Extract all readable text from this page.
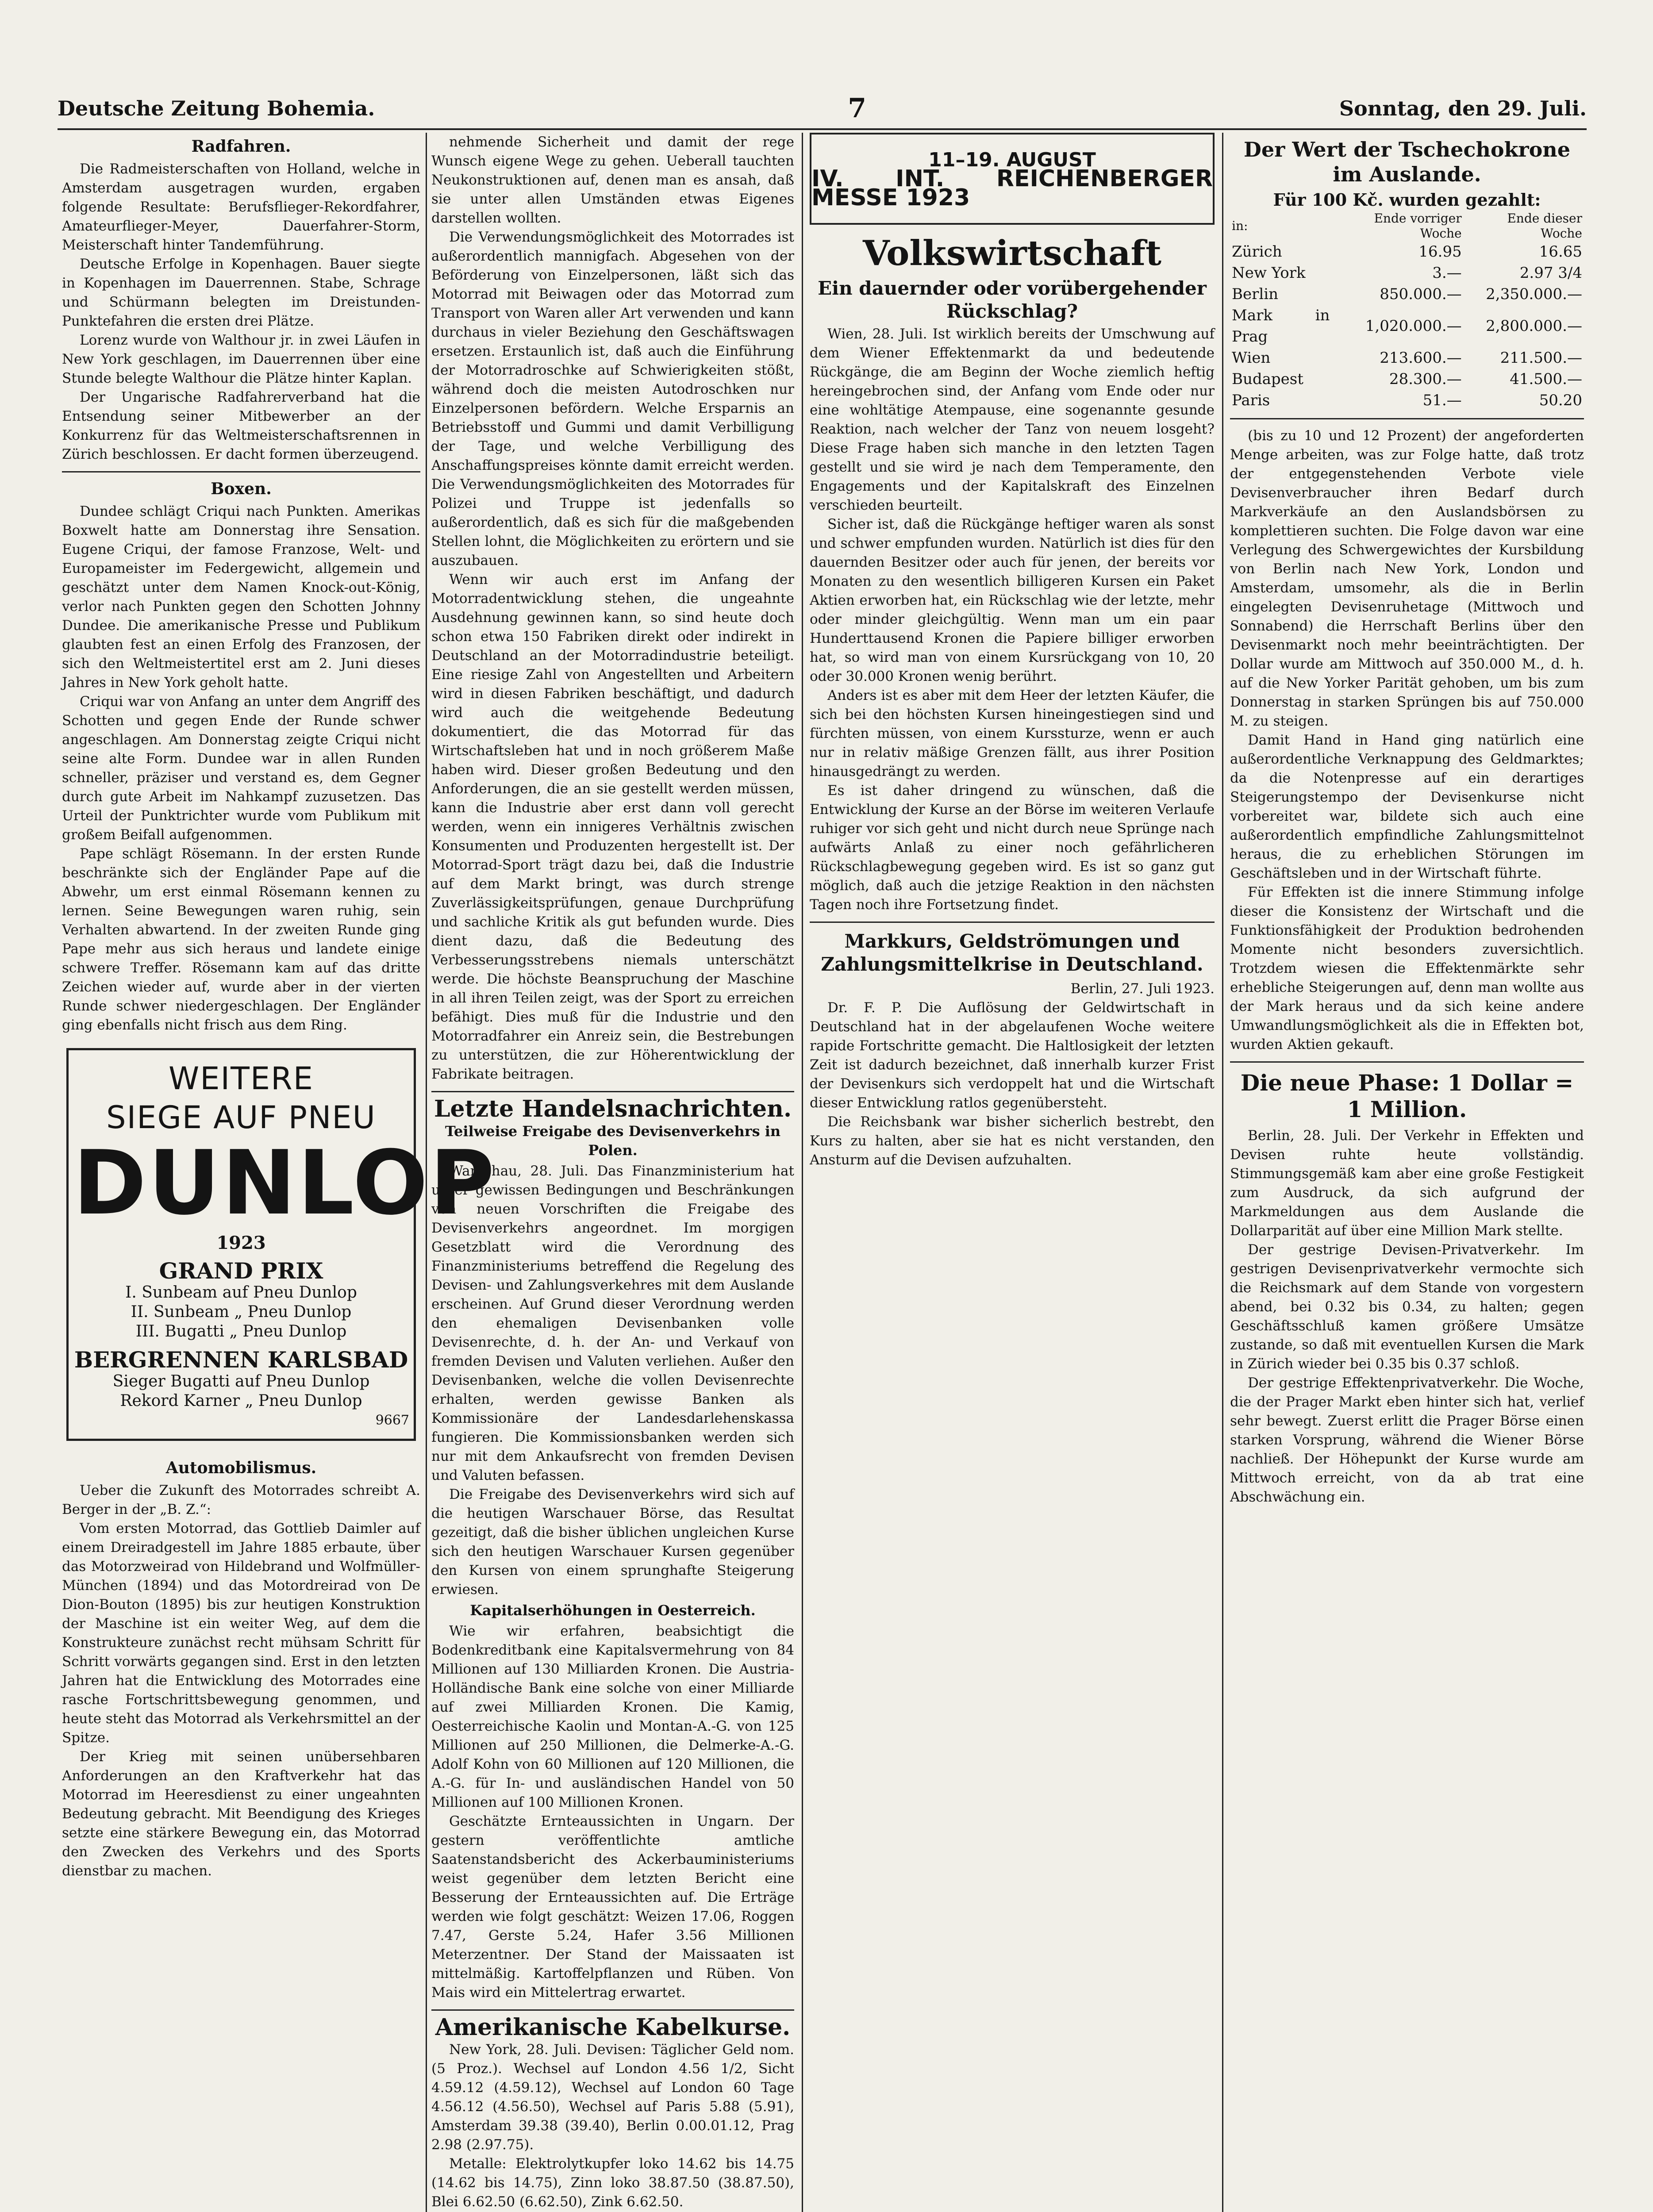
Deutsche Zeitung Bohemia.	7	Sonntag, den 29. Juli.
Radfahren.

Die Radmeisterschaften von Holland, welche in Amsterdam ausgetragen wurden, ergaben folgende Resultate: Berufsflieger-Rekordfahrer, Amateurflieger-Meyer, Dauerfahrer-Storm, Meisterschaft hinter Tandemführung.

Deutsche Erfolge in Kopenhagen. Bauer siegte in Kopenhagen im Dauerrennen. Stabe, Schrage und Schürmann belegten im Dreistunden-Punktefahren die ersten drei Plätze.

Lorenz wurde von Walthour jr. in zwei Läufen in New York geschlagen, im Dauerrennen über eine Stunde belegte Walthour die Plätze hinter Kaplan.

Der Ungarische Radfahrerverband hat die Entsendung seiner Mitbewerber an der Konkurrenz für das Weltmeisterschaftsrennen in Zürich beschlossen. Er dacht formen überzeugend.

Boxen.

Dundee schlägt Criqui nach Punkten. Amerikas Boxwelt hatte am Donnerstag ihre Sensation. Eugene Criqui, der famose Franzose, Welt- und Europameister im Federgewicht, allgemein und geschätzt unter dem Namen Knock-out-König, verlor nach Punkten gegen den Schotten Johnny Dundee. Die amerikanische Presse und Publikum glaubten fest an einen Erfolg des Franzosen, der sich den Weltmeistertitel erst am 2. Juni dieses Jahres in New York geholt hatte.

Criqui war von Anfang an unter dem Angriff des Schotten und gegen Ende der Runde schwer angeschlagen. Am Donnerstag zeigte Criqui nicht seine alte Form. Dundee war in allen Runden schneller, präziser und verstand es, dem Gegner durch gute Arbeit im Nahkampf zuzusetzen. Das Urteil der Punktrichter wurde vom Publikum mit großem Beifall aufgenommen.

Pape schlägt Rösemann. In der ersten Runde beschränkte sich der Engländer Pape auf die Abwehr, um erst einmal Rösemann kennen zu lernen. Seine Bewegungen waren ruhig, sein Verhalten abwartend. In der zweiten Runde ging Pape mehr aus sich heraus und landete einige schwere Treffer. Rösemann kam auf das dritte Zeichen wieder auf, wurde aber in der vierten Runde schwer niedergeschlagen. Der Engländer ging ebenfalls nicht frisch aus dem Ring.

WEITERE
SIEGE AUF PNEU
DUNLOP
1923
GRAND PRIX
I. Sunbeam auf Pneu Dunlop
II. Sunbeam „ Pneu Dunlop
III. Bugatti „ Pneu Dunlop
BERGRENNEN KARLSBAD
Sieger Bugatti auf Pneu Dunlop
Rekord Karner „ Pneu Dunlop
9667
Automobilismus.

Ueber die Zukunft des Motorrades schreibt A. Berger in der „B. Z.“:

Vom ersten Motorrad, das Gottlieb Daimler auf einem Dreiradgestell im Jahre 1885 erbaute, über das Motorzweirad von Hildebrand und Wolfmüller-München (1894) und das Motordreirad von De Dion-Bouton (1895) bis zur heutigen Konstruktion der Maschine ist ein weiter Weg, auf dem die Konstrukteure zunächst recht mühsam Schritt für Schritt vorwärts gegangen sind. Erst in den letzten Jahren hat die Entwicklung des Motorrades eine rasche Fortschrittsbewegung genommen, und heute steht das Motorrad als Verkehrsmittel an der Spitze.

Der Krieg mit seinen unübersehbaren Anforderungen an den Kraftverkehr hat das Motorrad im Heeresdienst zu einer ungeahnten Bedeutung gebracht. Mit Beendigung des Krieges setzte eine stärkere Bewegung ein, das Motorrad den Zwecken des Verkehrs und des Sports dienstbar zu machen.

nehmende Sicherheit und damit der rege Wunsch eigene Wege zu gehen. Ueberall tauchten Neukonstruktionen auf, denen man es ansah, daß sie unter allen Umständen etwas Eigenes darstellen wollten.

Die Verwendungsmöglichkeit des Motorrades ist außerordentlich mannigfach. Abgesehen von der Beförderung von Einzelpersonen, läßt sich das Motorrad mit Beiwagen oder das Motorrad zum Transport von Waren aller Art verwenden und kann durchaus in vieler Beziehung den Geschäftswagen ersetzen. Erstaunlich ist, daß auch die Einführung der Motorradroschke auf Schwierigkeiten stößt, während doch die meisten Autodroschken nur Einzelpersonen befördern. Welche Ersparnis an Betriebsstoff und Gummi und damit Verbilligung der Tage, und welche Verbilligung des Anschaffungspreises könnte damit erreicht werden. Die Verwendungsmöglichkeiten des Motorrades für Polizei und Truppe ist jedenfalls so außerordentlich, daß es sich für die maßgebenden Stellen lohnt, die Möglichkeiten zu erörtern und sie auszubauen.

Wenn wir auch erst im Anfang der Motorradentwicklung stehen, die ungeahnte Ausdehnung gewinnen kann, so sind heute doch schon etwa 150 Fabriken direkt oder indirekt in Deutschland an der Motorradindustrie beteiligt. Eine riesige Zahl von Angestellten und Arbeitern wird in diesen Fabriken beschäftigt, und dadurch wird auch die weitgehende Bedeutung dokumentiert, die das Motorrad für das Wirtschaftsleben hat und in noch größerem Maße haben wird. Dieser großen Bedeutung und den Anforderungen, die an sie gestellt werden müssen, kann die Industrie aber erst dann voll gerecht werden, wenn ein innigeres Verhältnis zwischen Konsumenten und Produzenten hergestellt ist. Der Motorrad-Sport trägt dazu bei, daß die Industrie auf dem Markt bringt, was durch strenge Zuverlässigkeitsprüfungen, genaue Durchprüfung und sachliche Kritik als gut befunden wurde. Dies dient dazu, daß die Bedeutung des Verbesserungsstrebens niemals unterschätzt werde. Die höchste Beanspruchung der Maschine in all ihren Teilen zeigt, was der Sport zu erreichen befähigt. Dies muß für die Industrie und den Motorradfahrer ein Anreiz sein, die Bestrebungen zu unterstützen, die zur Höherentwicklung der Fabrikate beitragen.

Letzte Handelsnachrichten.
Teilweise Freigabe des Devisenverkehrs in Polen.

Warschau, 28. Juli. Das Finanzministerium hat unter gewissen Bedingungen und Beschränkungen von neuen Vorschriften die Freigabe des Devisenverkehrs angeordnet. Im morgigen Gesetzblatt wird die Verordnung des Finanzministeriums betreffend die Regelung des Devisen- und Zahlungsverkehres mit dem Auslande erscheinen. Auf Grund dieser Verordnung werden den ehemaligen Devisenbanken volle Devisenrechte, d. h. der An- und Verkauf von fremden Devisen und Valuten verliehen. Außer den Devisenbanken, welche die vollen Devisenrechte erhalten, werden gewisse Banken als Kommissionäre der Landesdarlehenskassa fungieren. Die Kommissionsbanken werden sich nur mit dem Ankaufsrecht von fremden Devisen und Valuten befassen.

Die Freigabe des Devisenverkehrs wird sich auf die heutigen Warschauer Börse, das Resultat gezeitigt, daß die bisher üblichen ungleichen Kurse sich den heutigen Warschauer Kursen gegenüber den Kursen von einem sprunghafte Steigerung erwiesen.

Kapitalserhöhungen in Oesterreich.

Wie wir erfahren, beabsichtigt die Bodenkreditbank eine Kapitalsvermehrung von 84 Millionen auf 130 Milliarden Kronen. Die Austria-Holländische Bank eine solche von einer Milliarde auf zwei Milliarden Kronen. Die Kamig, Oesterreichische Kaolin und Montan-A.-G. von 125 Millionen auf 250 Millionen, die Delmerke-A.-G. Adolf Kohn von 60 Millionen auf 120 Millionen, die A.-G. für In- und ausländischen Handel von 50 Millionen auf 100 Millionen Kronen.

Geschätzte Ernteaussichten in Ungarn. Der gestern veröffentlichte amtliche Saatenstandsbericht des Ackerbauministeriums weist gegenüber dem letzten Bericht eine Besserung der Ernteaussichten auf. Die Erträge werden wie folgt geschätzt: Weizen 17.06, Roggen 7.47, Gerste 5.24, Hafer 3.56 Millionen Meterzentner. Der Stand der Maissaaten ist mittelmäßig. Kartoffelpflanzen und Rüben. Von Mais wird ein Mittelertrag erwartet.

Amerikanische Kabelkurse.

New York, 28. Juli. Devisen: Täglicher Geld nom. (5 Proz.). Wechsel auf London 4.56 1/2, Sicht 4.59.12 (4.59.12), Wechsel auf London 60 Tage 4.56.12 (4.56.50), Wechsel auf Paris 5.88 (5.91), Amsterdam 39.38 (39.40), Berlin 0.00.01.12, Prag 2.98 (2.97.75).

Metalle: Elektrolytkupfer loko 14.62 bis 14.75 (14.62 bis 14.75), Zinn loko 38.87.50 (38.87.50), Blei 6.62.50 (6.62.50), Zink 6.62.50.

11–19. AUGUST
IV. INT. REICHENBERGER MESSE 1923
Volkswirtschaft
Ein dauernder oder vorübergehender Rückschlag?

Wien, 28. Juli. Ist wirklich bereits der Umschwung auf dem Wiener Effektenmarkt da und bedeutende Rückgänge, die am Beginn der Woche ziemlich heftig hereingebrochen sind, der Anfang vom Ende oder nur eine wohltätige Atempause, eine sogenannte gesunde Reaktion, nach welcher der Tanz von neuem losgeht? Diese Frage haben sich manche in den letzten Tagen gestellt und sie wird je nach dem Temperamente, den Engagements und der Kapitalskraft des Einzelnen verschieden beurteilt.

Sicher ist, daß die Rückgänge heftiger waren als sonst und schwer empfunden wurden. Natürlich ist dies für den dauernden Besitzer oder auch für jenen, der bereits vor Monaten zu den wesentlich billigeren Kursen ein Paket Aktien erworben hat, ein Rückschlag wie der letzte, mehr oder minder gleichgültig. Wenn man um ein paar Hunderttausend Kronen die Papiere billiger erworben hat, so wird man von einem Kursrückgang von 10, 20 oder 30.000 Kronen wenig berührt.

Anders ist es aber mit dem Heer der letzten Käufer, die sich bei den höchsten Kursen hineingestiegen sind und fürchten müssen, von einem Kurssturze, wenn er auch nur in relativ mäßige Grenzen fällt, aus ihrer Position hinausgedrängt zu werden.

Es ist daher dringend zu wünschen, daß die Entwicklung der Kurse an der Börse im weiteren Verlaufe ruhiger vor sich geht und nicht durch neue Sprünge nach aufwärts Anlaß zu einer noch gefährlicheren Rückschlagbewegung gegeben wird. Es ist so ganz gut möglich, daß auch die jetzige Reaktion in den nächsten Tagen noch ihre Fortsetzung findet.

Markkurs, Geldströmungen und Zahlungsmittelkrise in Deutschland.

Berlin, 27. Juli 1923.

Dr. F. P. Die Auflösung der Geldwirtschaft in Deutschland hat in der abgelaufenen Woche weitere rapide Fortschritte gemacht. Die Haltlosigkeit der letzten Zeit ist dadurch bezeichnet, daß innerhalb kurzer Frist der Devisenkurs sich verdoppelt hat und die Wirtschaft dieser Entwicklung ratlos gegenübersteht.

Die Reichsbank war bisher sicherlich bestrebt, den Kurs zu halten, aber sie hat es nicht verstanden, den Ansturm auf die Devisen aufzuhalten.

Der Wert der Tschechokrone im Auslande.
Für 100 Kč. wurden gezahlt:
in:	Ende vorriger Woche	Ende dieser Woche
Zürich	16.95	16.65
New York	3.—	2.97 3/4
Berlin	850.000.—	2,350.000.—
Mark in Prag	1,020.000.—	2,800.000.—
Wien	213.600.—	211.500.—
Budapest	28.300.—	41.500.—
Paris	51.—	50.20

(bis zu 10 und 12 Prozent) der angeforderten Menge arbeiten, was zur Folge hatte, daß trotz der entgegenstehenden Verbote viele Devisenverbraucher ihren Bedarf durch Markverkäufe an den Auslandsbörsen zu komplettieren suchten. Die Folge davon war eine Verlegung des Schwergewichtes der Kursbildung von Berlin nach New York, London und Amsterdam, umsomehr, als die in Berlin eingelegten Devisenruhetage (Mittwoch und Sonnabend) die Herrschaft Berlins über den Devisenmarkt noch mehr beeinträchtigten. Der Dollar wurde am Mittwoch auf 350.000 M., d. h. auf die New Yorker Parität gehoben, um bis zum Donnerstag in starken Sprüngen bis auf 750.000 M. zu steigen.

Damit Hand in Hand ging natürlich eine außerordentliche Verknappung des Geldmarktes; da die Notenpresse auf ein derartiges Steigerungstempo der Devisenkurse nicht vorbereitet war, bildete sich auch eine außerordentlich empfindliche Zahlungsmittelnot heraus, die zu erheblichen Störungen im Geschäftsleben und in der Wirtschaft führte.

Für Effekten ist die innere Stimmung infolge dieser die Konsistenz der Wirtschaft und die Funktionsfähigkeit der Produktion bedrohenden Momente nicht besonders zuversichtlich. Trotzdem wiesen die Effektenmärkte sehr erhebliche Steigerungen auf, denn man wollte aus der Mark heraus und da sich keine andere Umwandlungsmöglichkeit als die in Effekten bot, wurden Aktien gekauft.

Die neue Phase: 1 Dollar = 1 Million.

Berlin, 28. Juli. Der Verkehr in Effekten und Devisen ruhte heute vollständig. Stimmungsgemäß kam aber eine große Festigkeit zum Ausdruck, da sich aufgrund der Markmeldungen aus dem Auslande die Dollarparität auf über eine Million Mark stellte.

Der gestrige Devisen-Privatverkehr. Im gestrigen Devisenprivatverkehr vermochte sich die Reichsmark auf dem Stande von vorgestern abend, bei 0.32 bis 0.34, zu halten; gegen Geschäftsschluß kamen größere Umsätze zustande, so daß mit eventuellen Kursen die Mark in Zürich wieder bei 0.35 bis 0.37 schloß.

Der gestrige Effektenprivatverkehr. Die Woche, die der Prager Markt eben hinter sich hat, verlief sehr bewegt. Zuerst erlitt die Prager Börse einen starken Vorsprung, während die Wiener Börse nachließ. Der Höhepunkt der Kurse wurde am Mittwoch erreicht, von da ab trat eine Abschwächung ein.
